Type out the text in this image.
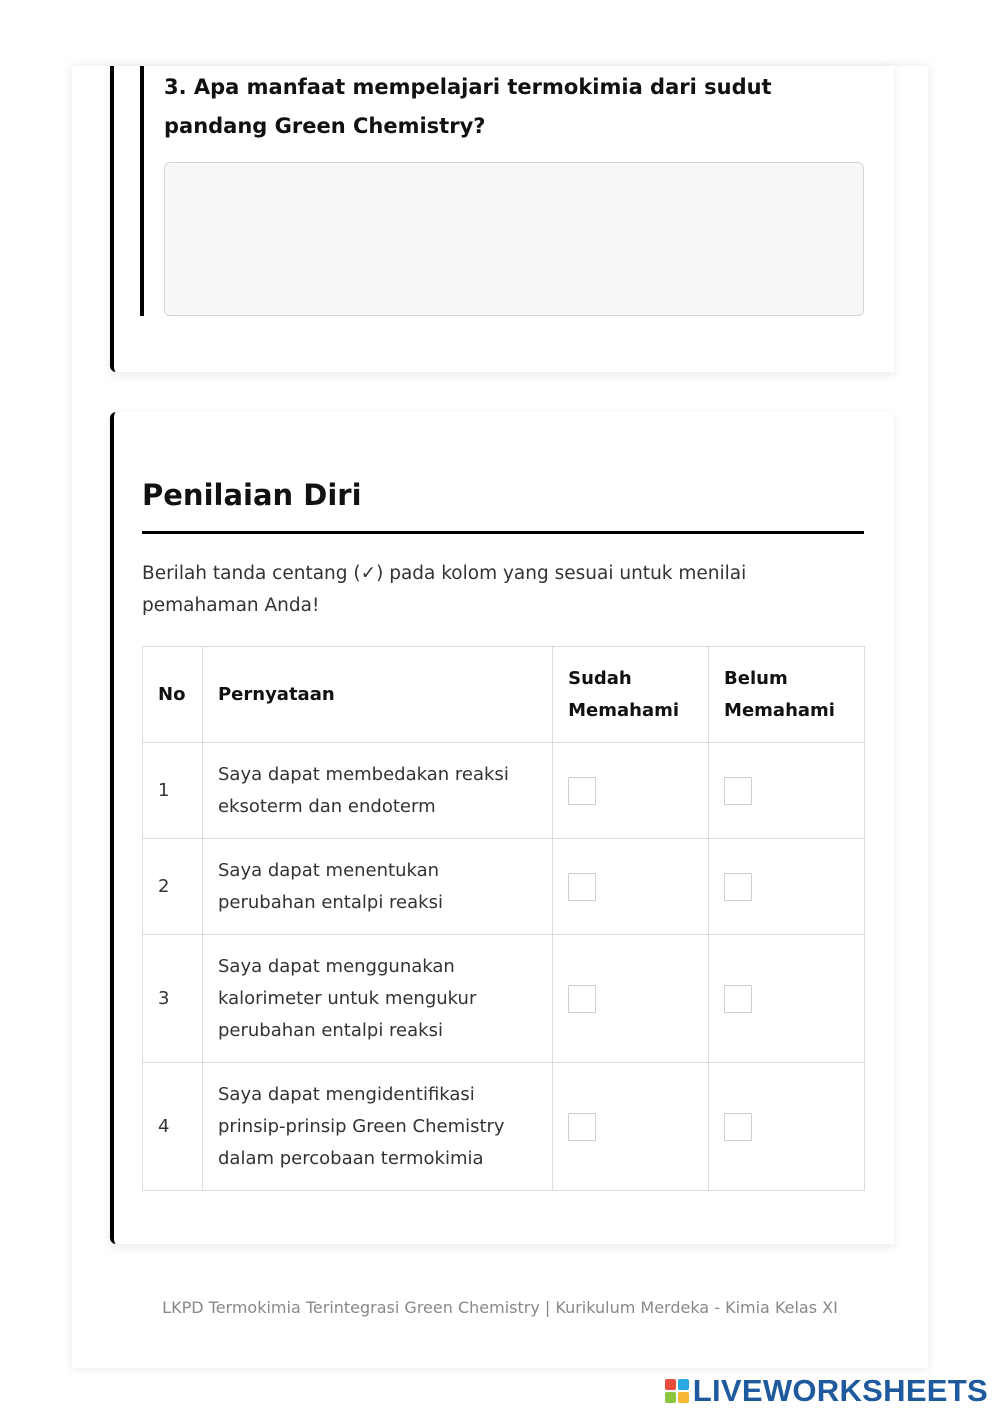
3. Apa manfaat mempelajari termokimia dari sudut pandang Green Chemistry?
Penilaian Diri
Berilah tanda centang (✓) pada kolom yang sesuai untuk menilai pemahaman Anda!
No	Pernyataan	Sudah Memahami	Belum Memahami
1	Saya dapat membedakan reaksi eksoterm dan endoterm		
2	Saya dapat menentukan perubahan entalpi reaksi		
3	Saya dapat menggunakan kalorimeter untuk mengukur perubahan entalpi reaksi		
4	Saya dapat mengidentifikasi prinsip-prinsip Green Chemistry dalam percobaan termokimia		
LKPD Termokimia Terintegrasi Green Chemistry | Kurikulum Merdeka - Kimia Kelas XI
LIVEWORKSHEETS
